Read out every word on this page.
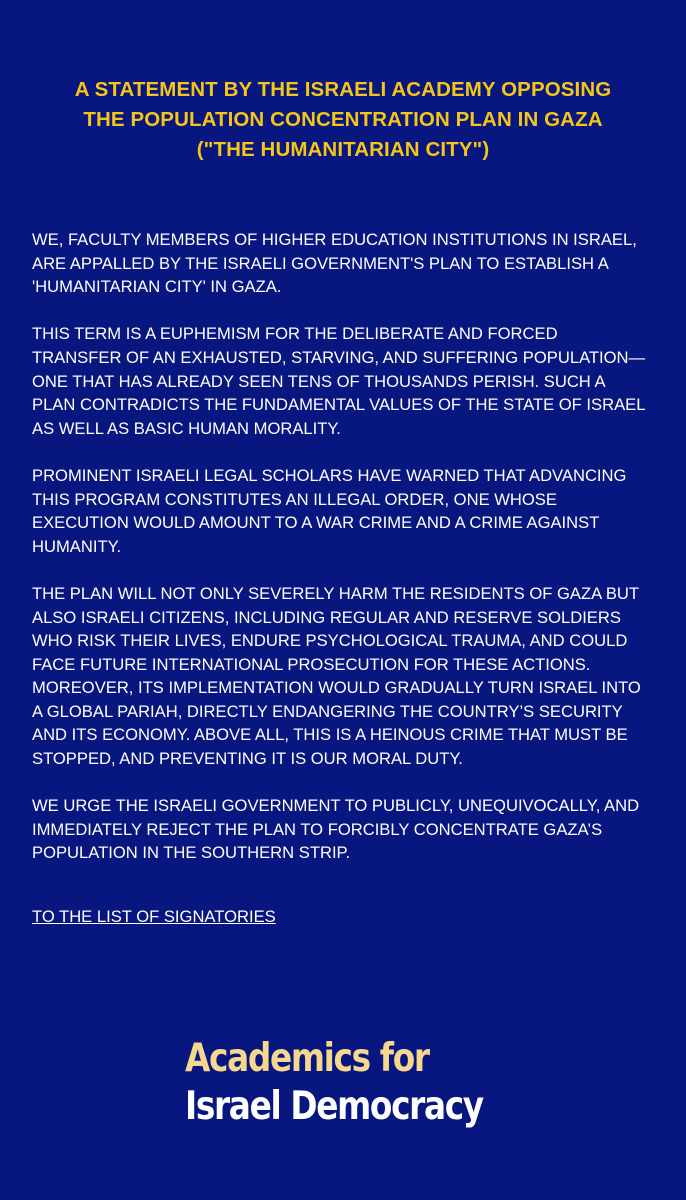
A STATEMENT BY THE ISRAELI ACADEMY OPPOSING
THE POPULATION CONCENTRATION PLAN IN GAZA
("THE HUMANITARIAN CITY")
WE, FACULTY MEMBERS OF HIGHER EDUCATION INSTITUTIONS IN ISRAEL,
ARE APPALLED BY THE ISRAELI GOVERNMENT'S PLAN TO ESTABLISH A
'HUMANITARIAN CITY' IN GAZA.
THIS TERM IS A EUPHEMISM FOR THE DELIBERATE AND FORCED
TRANSFER OF AN EXHAUSTED, STARVING, AND SUFFERING POPULATION—
ONE THAT HAS ALREADY SEEN TENS OF THOUSANDS PERISH. SUCH A
PLAN CONTRADICTS THE FUNDAMENTAL VALUES OF THE STATE OF ISRAEL
AS WELL AS BASIC HUMAN MORALITY.
PROMINENT ISRAELI LEGAL SCHOLARS HAVE WARNED THAT ADVANCING
THIS PROGRAM CONSTITUTES AN ILLEGAL ORDER, ONE WHOSE
EXECUTION WOULD AMOUNT TO A WAR CRIME AND A CRIME AGAINST
HUMANITY.
THE PLAN WILL NOT ONLY SEVERELY HARM THE RESIDENTS OF GAZA BUT
ALSO ISRAELI CITIZENS, INCLUDING REGULAR AND RESERVE SOLDIERS
WHO RISK THEIR LIVES, ENDURE PSYCHOLOGICAL TRAUMA, AND COULD
FACE FUTURE INTERNATIONAL PROSECUTION FOR THESE ACTIONS.
MOREOVER, ITS IMPLEMENTATION WOULD GRADUALLY TURN ISRAEL INTO
A GLOBAL PARIAH, DIRECTLY ENDANGERING THE COUNTRY’S SECURITY
AND ITS ECONOMY. ABOVE ALL, THIS IS A HEINOUS CRIME THAT MUST BE
STOPPED, AND PREVENTING IT IS OUR MORAL DUTY.
WE URGE THE ISRAELI GOVERNMENT TO PUBLICLY, UNEQUIVOCALLY, AND
IMMEDIATELY REJECT THE PLAN TO FORCIBLY CONCENTRATE GAZA’S
POPULATION IN THE SOUTHERN STRIP.
TO THE LIST OF SIGNATORIES
Academics for
Israel Democracy
